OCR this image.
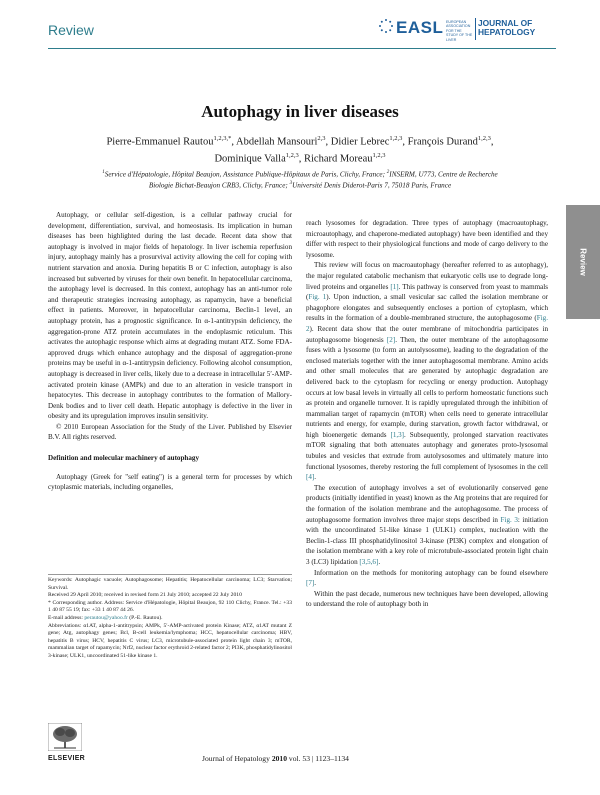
Review	EASL EUROPEAN ASSOCIATION FOR THE STUDY OF THE LIVER
JOURNAL OF HEPATOLOGY
Autophagy in liver diseases
Pierre-Emmanuel Rautou$^{1,2,3,*}$, Abdellah Mansouri$^{2,3}$, Didier Lebrec$^{1,2,3}$, François Durand$^{1,2,3}$,
Dominique Valla$^{1,2,3}$, Richard Moreau$^{1,2,3}$
$^1$Service d'Hépatologie, Hôpital Beaujon, Assistance Publique-Hôpitaux de Paris, Clichy, France; $^2$INSERM, U773, Centre de Recherche
Biologie Bichat-Beaujon CRB3, Clichy, France; $^3$Université Denis Diderot-Paris 7, 75018 Paris, France

Autophagy, or cellular self-digestion, is a cellular pathway crucial for development, differentiation, survival, and homeostasis. Its implication in human diseases has been highlighted during the last decade. Recent data show that autophagy is involved in major fields of hepatology. In liver ischemia reperfusion injury, autophagy mainly has a prosurvival activity allowing the cell for coping with nutrient starvation and anoxia. During hepatitis B or C infection, autophagy is also increased but subverted by viruses for their own benefit. In hepatocellular carcinoma, the autophagy level is decreased. In this context, autophagy has an anti-tumor role and therapeutic strategies increasing autophagy, as rapamycin, have a beneficial effect in patients. Moreover, in hepatocellular carcinoma, Beclin-1 level, an autophagy protein, has a prognostic significance. In α-1-antitrypsin deficiency, the aggregation-prone ATZ protein accumulates in the endoplasmic reticulum. This activates the autophagic response which aims at degrading mutant ATZ. Some FDA-approved drugs which enhance autophagy and the disposal of aggregation-prone proteins may be useful in α-1-antitrypsin deficiency. Following alcohol consumption, autophagy is decreased in liver cells, likely due to a decrease in intracellular 5′-AMP-activated protein kinase (AMPk) and due to an alteration in vesicle transport in hepatocytes. This decrease in autophagy contributes to the formation of Mallory-Denk bodies and to liver cell death. Hepatic autophagy is defective in the liver in obesity and its upregulation improves insulin sensitivity.

© 2010 European Association for the Study of the Liver. Published by Elsevier B.V. All rights reserved.

Definition and molecular machinery of autophagy

Autophagy (Greek for "self eating") is a general term for processes by which cytoplasmic materials, including organelles,

Keywords: Autophagic vacuole; Autophagosome; Hepatitis; Hepatocellular carcinoma; LC3; Starvation; Survival.

Received 29 April 2010; received in revised form 21 July 2010; accepted 22 July 2010

* Corresponding author. Address: Service d'Hépatologie, Hôpital Beaujon, 92 110 Clichy, France. Tel.: +33 1 40 87 55 19; fax: +33 1 40 87 44 26.

E-mail address: perautou@yahoo.fr (P.-E. Rautou).

Abbreviations: α1AT, alpha-1-antitrypsin; AMPk, 5′-AMP-activated protein Kinase; ATZ, α1AT mutant Z gene; Atg, autophagy genes; Bcl, B-cell leukemia/lymphoma; HCC, hepatocellular carcinoma; HBV, hepatitis B virus; HCV, hepatitis C virus; LC3, microtubule-associated protein light chain 3; mTOR, mammalian target of rapamycin; Nrf2, nuclear factor erythroid 2-related factor 2; PI3K, phosphatidylinositol 3-kinase; ULK1, uncoordinated 51-like kinase 1.

reach lysosomes for degradation. Three types of autophagy (macroautophagy, microautophagy, and chaperone-mediated autophagy) have been identified and they differ with respect to their physiological functions and mode of cargo delivery to the lysosome.

This review will focus on macroautophagy (hereafter referred to as autophagy), the major regulated catabolic mechanism that eukaryotic cells use to degrade long-lived proteins and organelles [1]. This pathway is conserved from yeast to mammals (Fig. 1). Upon induction, a small vesicular sac called the isolation membrane or phagophore elongates and subsequently encloses a portion of cytoplasm, which results in the formation of a double-membraned structure, the autophagosome (Fig. 2). Recent data show that the outer membrane of mitochondria participates in autophagosome biogenesis [2]. Then, the outer membrane of the autophagosome fuses with a lysosome (to form an autolysosome), leading to the degradation of the enclosed materials together with the inner autophagosomal membrane. Amino acids and other small molecules that are generated by autophagic degradation are delivered back to the cytoplasm for recycling or energy production. Autophagy occurs at low basal levels in virtually all cells to perform homeostatic functions such as protein and organelle turnover. It is rapidly upregulated through the inhibition of mammalian target of rapamycin (mTOR) when cells need to generate intracellular nutrients and energy, for example, during starvation, growth factor withdrawal, or high bioenergetic demands [1,3]. Subsequently, prolonged starvation reactivates mTOR signaling that both attenuates autophagy and generates proto-lysosomal tubules and vesicles that extrude from autolysosomes and ultimately mature into functional lysosomes, thereby restoring the full complement of lysosomes in the cell [4].

The execution of autophagy involves a set of evolutionarily conserved gene products (initially identified in yeast) known as the Atg proteins that are required for the formation of the isolation membrane and the autophagosome. The process of autophagosome formation involves three major steps described in Fig. 3: initiation with the uncoordinated 51-like kinase 1 (ULK1) complex, nucleation with the Beclin-1-class III phosphatidylinositol 3-kinase (PI3K) complex and elongation of the isolation membrane with a key role of microtubule-associated protein light chain 3 (LC3) lipidation [3,5,6].

Information on the methods for monitoring autophagy can be found elsewhere [7].

Within the past decade, numerous new techniques have been developed, allowing to understand the role of autophagy both in

Review
ELSEVIER	Journal of Hepatology 2010 vol. 53 | 1123–1134
